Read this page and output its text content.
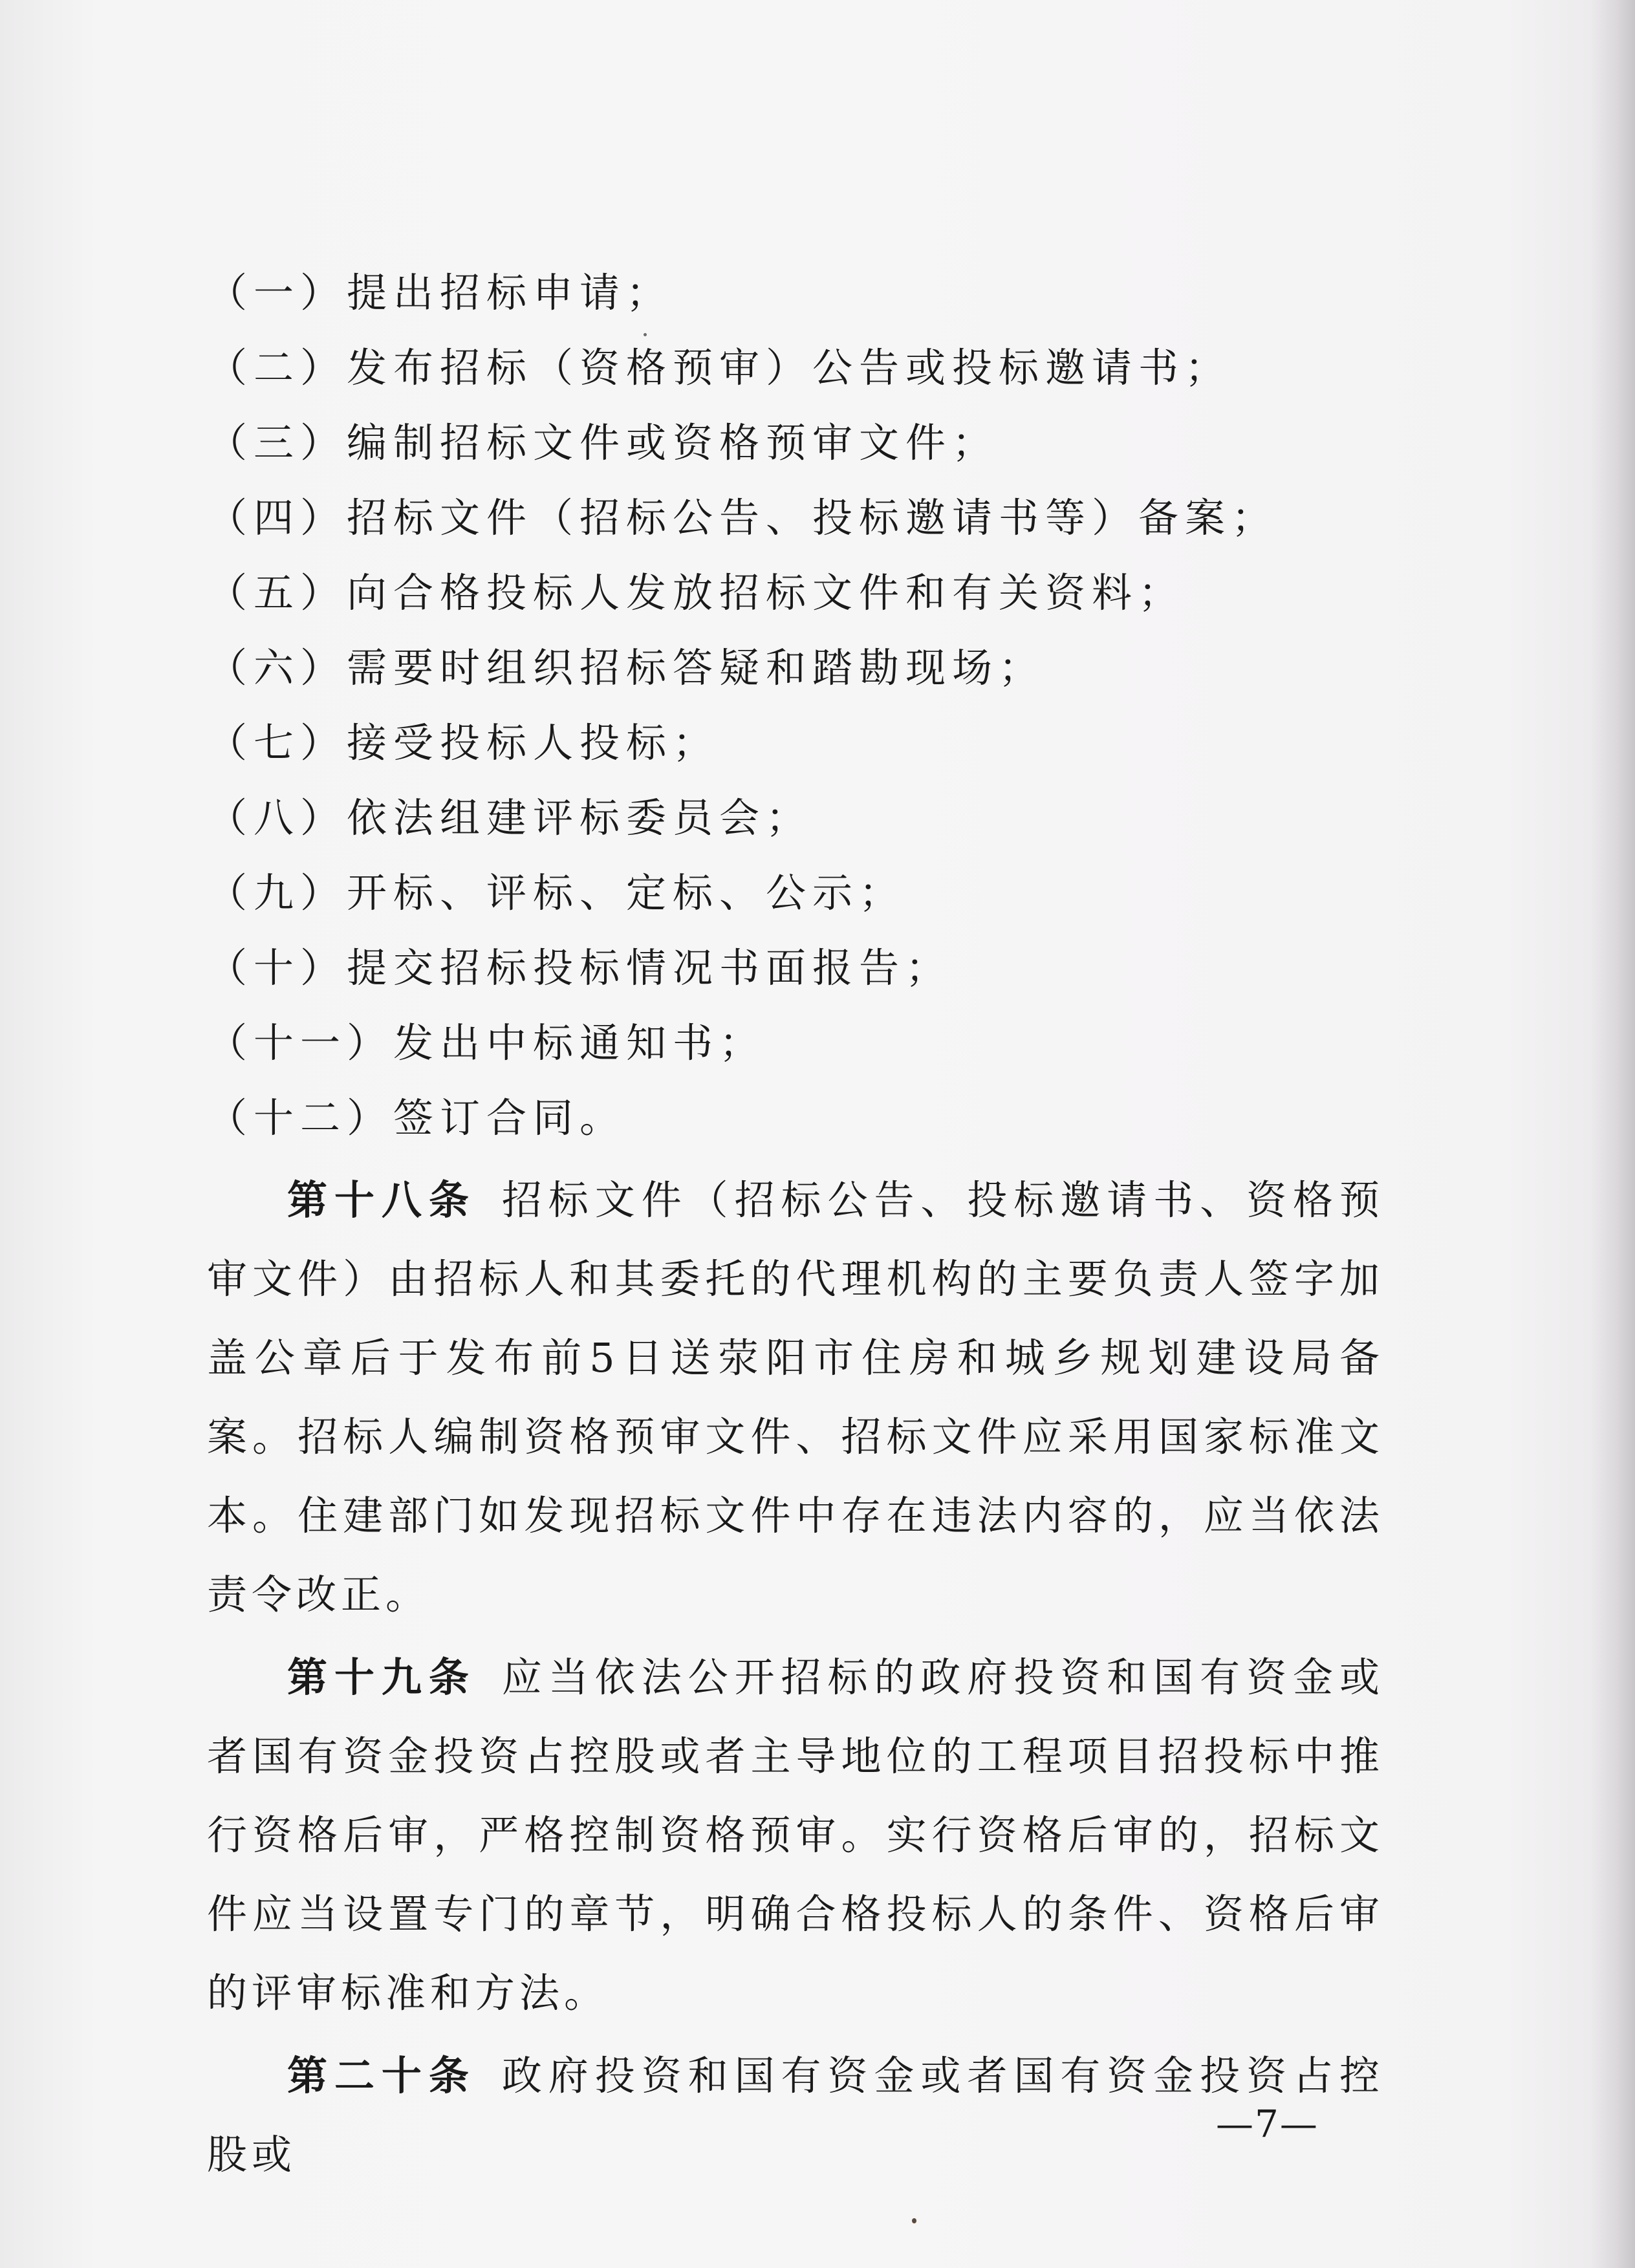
（一）提出招标申请；
（二）发布招标（资格预审）公告或投标邀请书；
（三）编制招标文件或资格预审文件；
（四）招标文件（招标公告、投标邀请书等）备案；
（五）向合格投标人发放招标文件和有关资料；
（六）需要时组织招标答疑和踏勘现场；
（七）接受投标人投标；
（八）依法组建评标委员会；
（九）开标、评标、定标、公示；
（十）提交招标投标情况书面报告；
（十一）发出中标通知书；
（十二）签订合同。

第十八条 招标文件（招标公告、投标邀请书、资格预审文件）由招标人和其委托的代理机构的主要负责人签字加盖公章后于发布前5日送荥阳市住房和城乡规划建设局备案。招标人编制资格预审文件、招标文件应采用国家标准文本。住建部门如发现招标文件中存在违法内容的，应当依法责令改正。

第十九条 应当依法公开招标的政府投资和国有资金或者国有资金投资占控股或者主导地位的工程项目招投标中推行资格后审，严格控制资格预审。实行资格后审的，招标文件应当设置专门的章节，明确合格投标人的条件、资格后审的评审标准和方法。

第二十条 政府投资和国有资金或者国有资金投资占控股或

—7—
